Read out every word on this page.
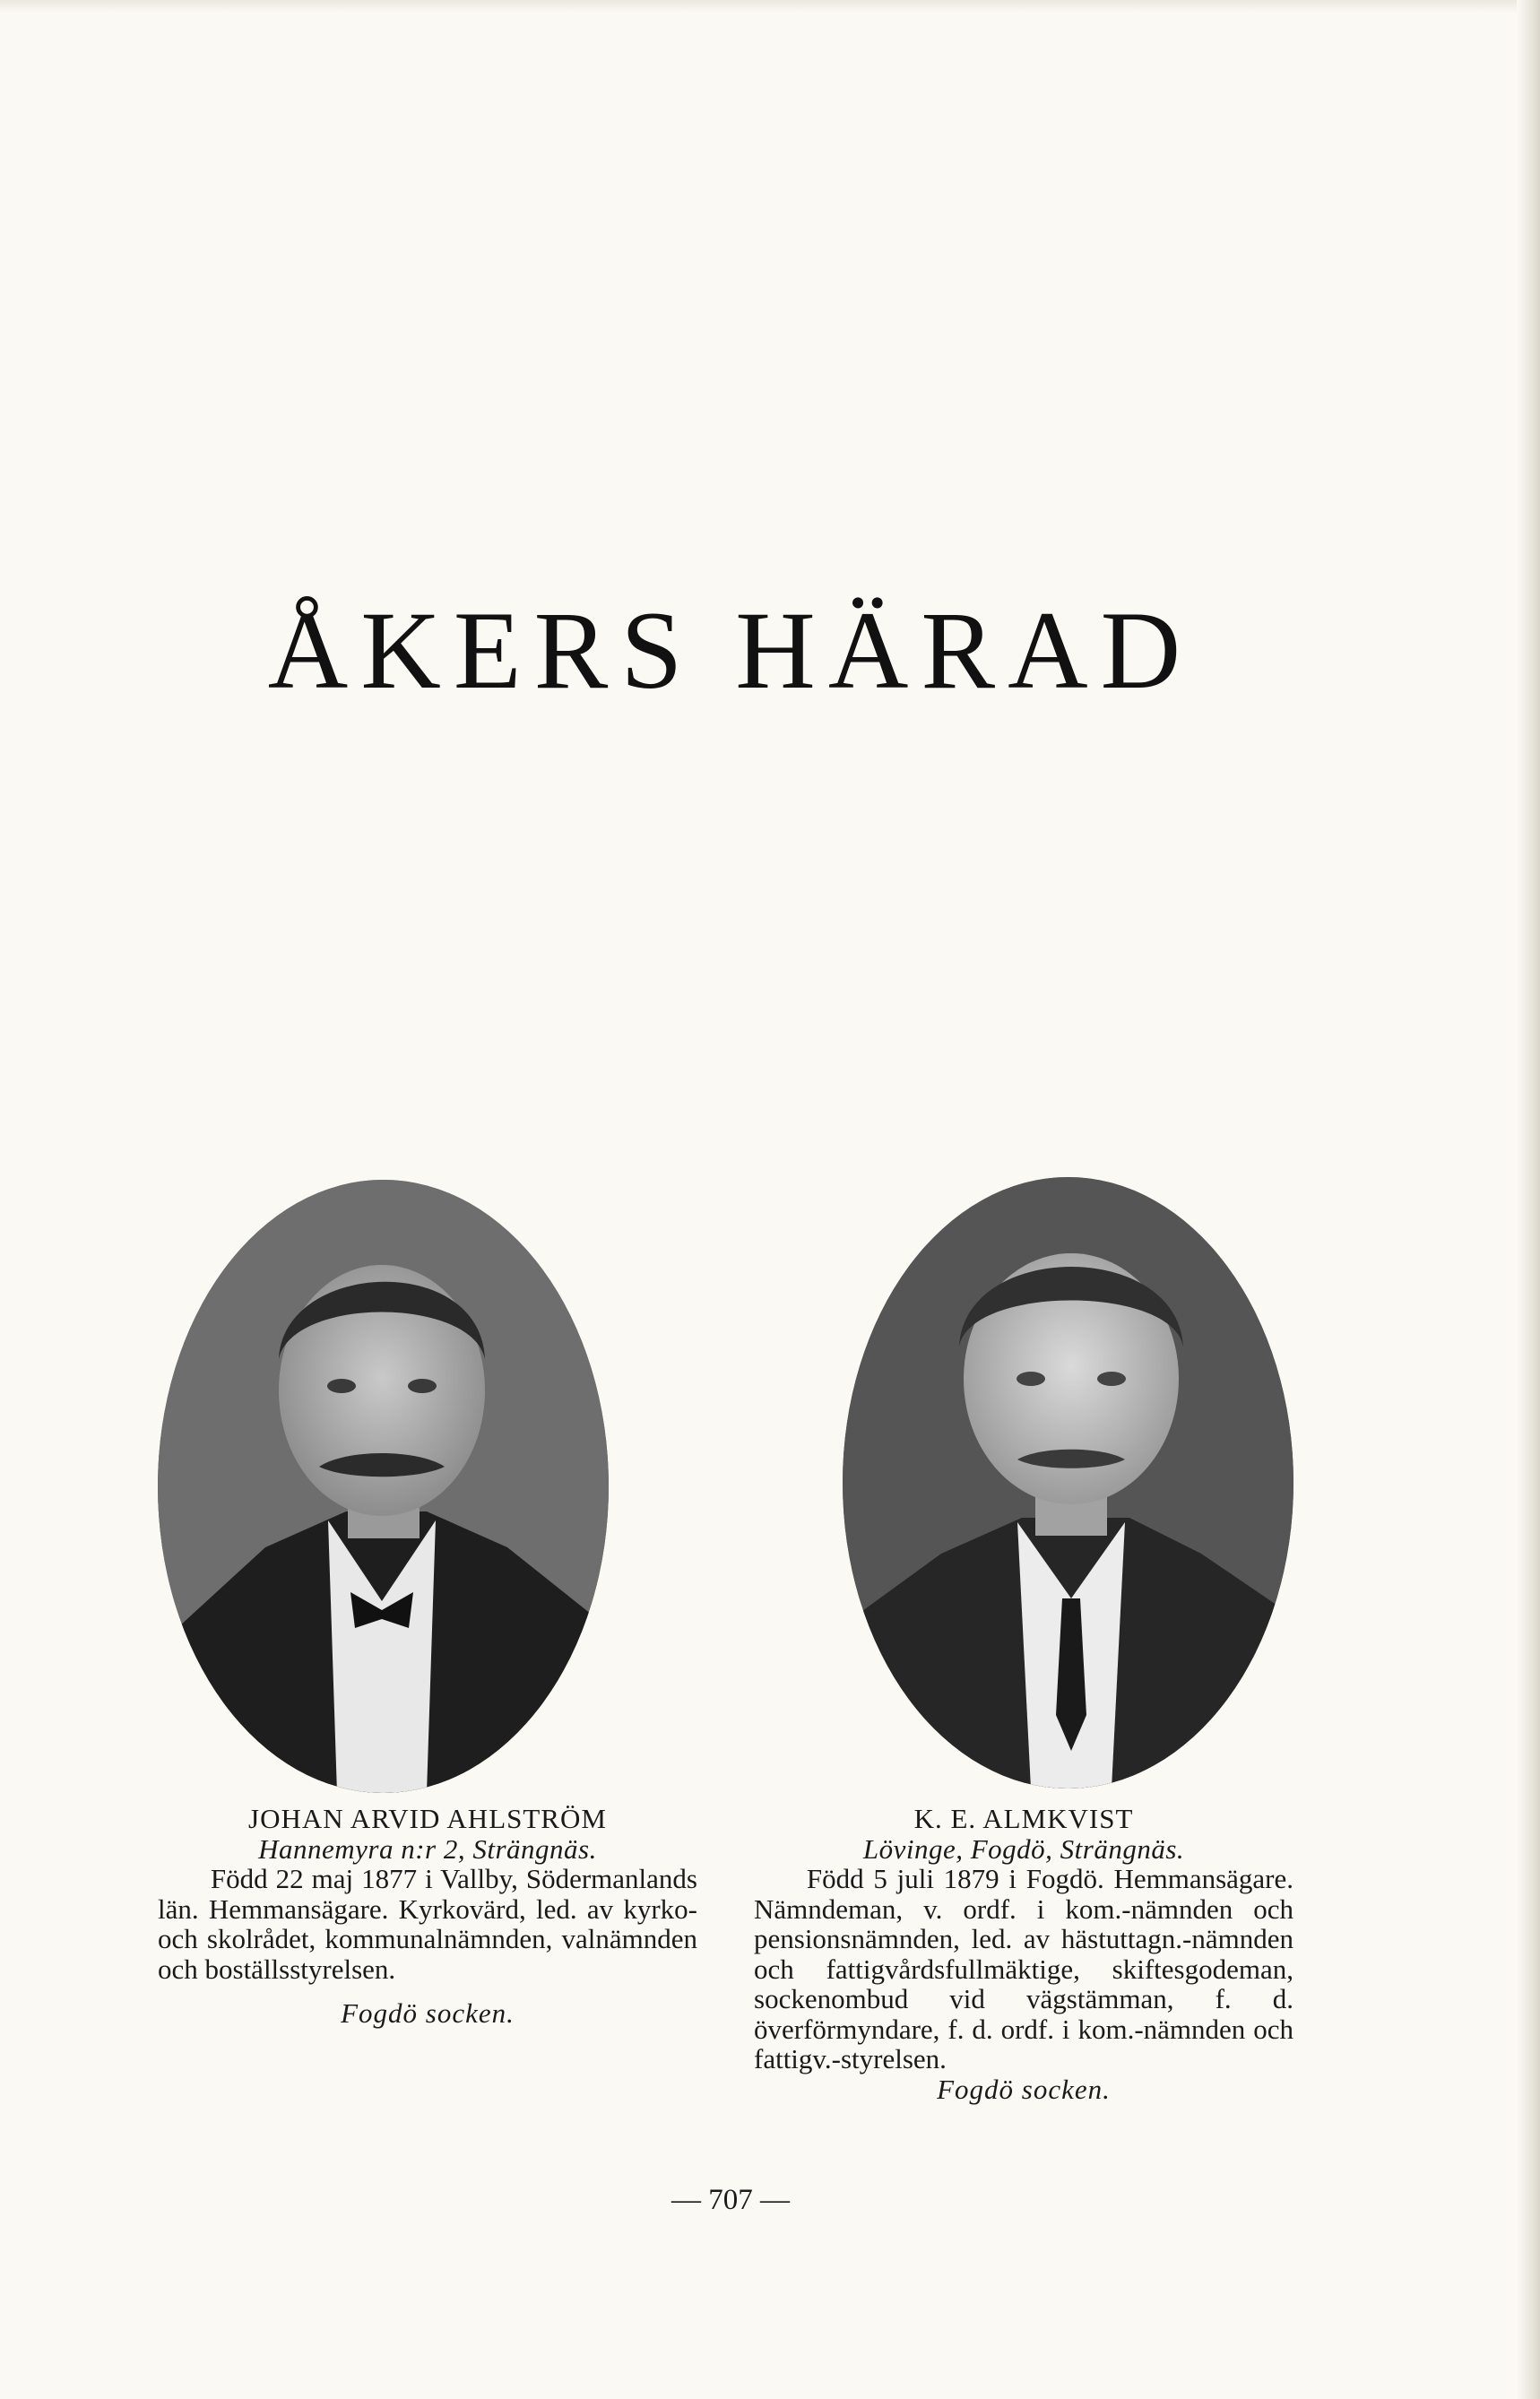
ÅKERS HÄRAD
JOHAN ARVID AHLSTRÖM
Hannemyra n:r 2, Strängnäs.
Född 22 maj 1877 i Vallby, Södermanlands län. Hemmansägare. Kyrkovärd, led. av kyrko- och skolrådet, kommunalnämnden, valnämnden och boställsstyrelsen.
Fogdö socken.
K. E. ALMKVIST
Lövinge, Fogdö, Strängnäs.
Född 5 juli 1879 i Fogdö. Hemmansägare. Nämndeman, v. ordf. i kom.-nämnden och pensionsnämnden, led. av hästuttagn.-nämnden och fattigvårdsfullmäktige, skiftesgodeman, sockenombud vid vägstämman, f. d. överförmyndare, f. d. ordf. i kom.-nämnden och fattigv.-styrelsen.
Fogdö socken.
— 707 —
